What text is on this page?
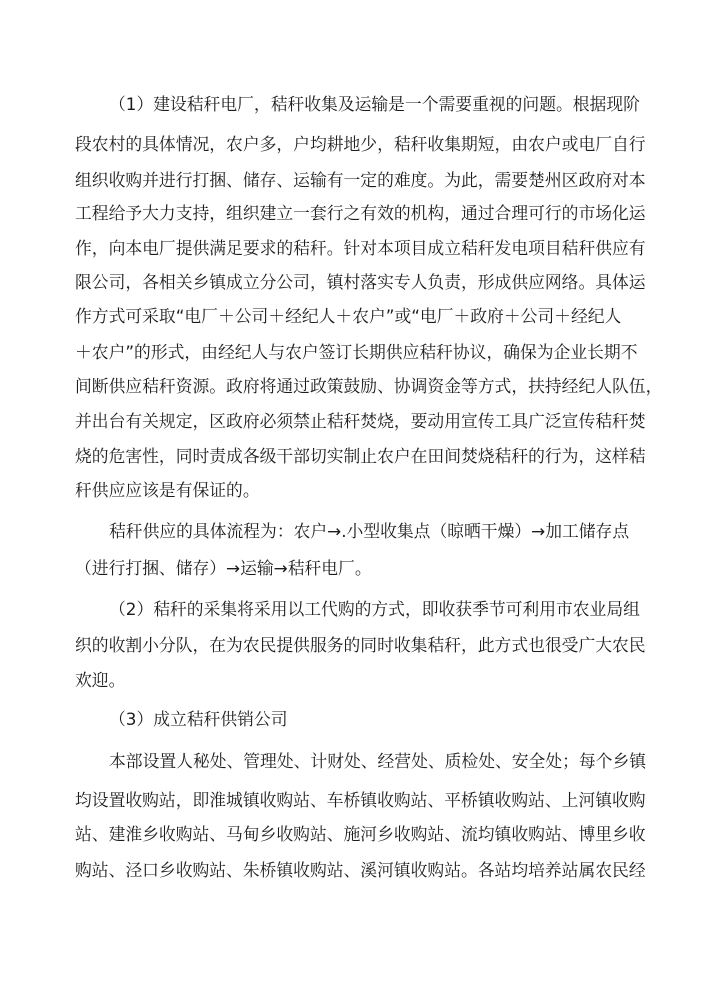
（1）建设秸秆电厂，秸秆收集及运输是一个需要重视的问题。根据现阶
段农村的具体情况，农户多，户均耕地少，秸秆收集期短，由农户或电厂自行
组织收购并进行打捆、储存、运输有一定的难度。为此，需要楚州区政府对本
工程给予大力支持，组织建立一套行之有效的机构，通过合理可行的市场化运
作，向本电厂提供满足要求的秸秆。针对本项目成立秸秆发电项目秸秆供应有
限公司，各相关乡镇成立分公司，镇村落实专人负责，形成供应网络。具体运
作方式可采取“电厂＋公司＋经纪人＋农户”或“电厂＋政府＋公司＋经纪人
＋农户”的形式，由经纪人与农户签订长期供应秸秆协议，确保为企业长期不
间断供应秸秆资源。政府将通过政策鼓励、协调资金等方式，扶持经纪人队伍，
并出台有关规定，区政府必须禁止秸秆焚烧，要动用宣传工具广泛宣传秸秆焚
烧的危害性，同时责成各级干部切实制止农户在田间焚烧秸秆的行为，这样秸
秆供应应该是有保证的。
秸秆供应的具体流程为：农户→.小型收集点（晾晒干燥）→加工储存点
（进行打捆、储存）→运输→秸秆电厂。
（2）秸秆的采集将采用以工代购的方式，即收获季节可利用市农业局组
织的收割小分队，在为农民提供服务的同时收集秸秆，此方式也很受广大农民
欢迎。
（3）成立秸秆供销公司
本部设置人秘处、管理处、计财处、经营处、质检处、安全处；每个乡镇
均设置收购站，即淮城镇收购站、车桥镇收购站、平桥镇收购站、上河镇收购
站、建淮乡收购站、马甸乡收购站、施河乡收购站、流均镇收购站、博里乡收
购站、泾口乡收购站、朱桥镇收购站、溪河镇收购站。各站均培养站属农民经
